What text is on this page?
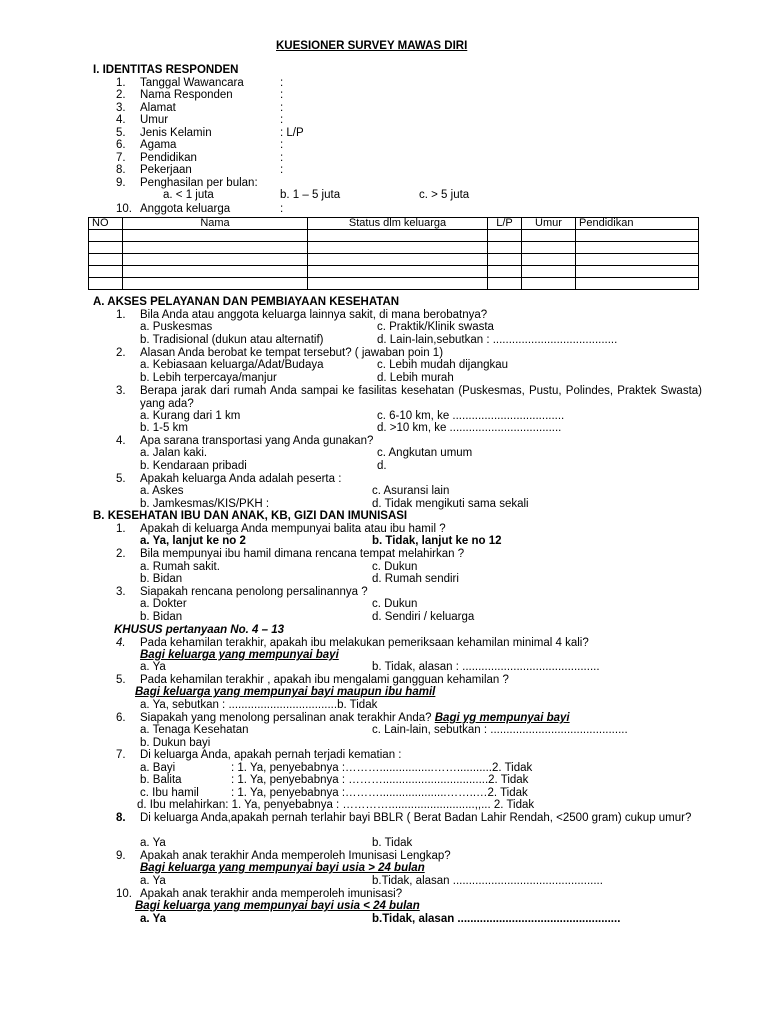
KUESIONER SURVEY MAWAS DIRI
I. IDENTITAS RESPONDEN
1. Tanggal Wawancara	:
2. Nama Responden	:
3. Alamat	:
4. Umur	:
5. Jenis Kelamin	: L/P
6. Agama	:
7. Pendidikan	:
8. Pekerjaan	:
9. Penghasilan per bulan:
a. < 1 juta	b. 1 – 5 juta	c. > 5 juta
10. Anggota keluarga	:
NO	Nama	Status dlm keluarga	L/P	Umur	Pendidikan

A. AKSES PELAYANAN DAN PEMBIAYAAN KESEHATAN
1. Bila Anda atau anggota keluarga lainnya sakit, di mana berobatnya?
a. Puskesmas	c. Praktik/Klinik swasta
b. Tradisional (dukun atau alternatif)	d. Lain-lain,sebutkan : .......................................
2. Alasan Anda berobat ke tempat tersebut? ( jawaban poin 1)
a. Kebiasaan keluarga/Adat/Budaya	c. Lebih mudah dijangkau
b. Lebih terpercaya/manjur	d. Lebih murah
3. Berapa jarak dari rumah Anda sampai ke fasilitas kesehatan (Puskesmas, Pustu, Polindes, Praktek Swasta) yang ada?
a. Kurang dari 1 km	c. 6-10 km, ke ...................................
b. 1-5 km	d. >10 km, ke ...................................
4. Apa sarana transportasi yang Anda gunakan?
a. Jalan kaki.	c. Angkutan umum
b. Kendaraan pribadi	d.
5. Apakah keluarga Anda adalah peserta :
a. Askes	c. Asuransi lain
b. Jamkesmas/KIS/PKH :	d. Tidak mengikuti sama sekali
B. KESEHATAN IBU DAN ANAK, KB, GIZI DAN IMUNISASI
1. Apakah di keluarga Anda mempunyai balita atau ibu hamil ?
a. Ya, lanjut ke no 2	b. Tidak, lanjut ke no 12
2. Bila mempunyai ibu hamil dimana rencana tempat melahirkan ?
a. Rumah sakit.	c. Dukun
b. Bidan	d. Rumah sendiri
3. Siapakah rencana penolong persalinannya ?
a. Dokter	c. Dukun
b. Bidan	d. Sendiri / keluarga
KHUSUS pertanyaan No. 4 – 13
4. Pada kehamilan terakhir, apakah ibu melakukan pemeriksaan kehamilan minimal 4 kali?
Bagi keluarga yang mempunyai bayi
a. Ya	b. Tidak, alasan : ...........................................
5. Pada kehamilan terakhir , apakah ibu mengalami gangguan kehamilan ?
Bagi keluarga yang mempunyai bayi maupun ibu hamil
a. Ya, sebutkan : ..................................b. Tidak
6. Siapakah yang menolong persalinan anak terakhir Anda? Bagi yg mempunyai bayi
a. Tenaga Kesehatan	c. Lain-lain, sebutkan : ...........................................
b. Dukun bayi
7. Di keluarga Anda, apakah pernah terjadi kematian :
a. Bayi	: 1. Ya, penyebabnya :……….................……...........2. Tidak
b. Balita	: 1. Ya, penyebabnya : ……….................................2. Tidak
c. Ibu hamil	: 1. Ya, penyebabnya :……….....................……..…2. Tidak
d. Ibu melahirkan: 1. Ya, penyebabnya : …………...........................,,... 2. Tidak
8. Di keluarga Anda,apakah pernah terlahir bayi BBLR ( Berat Badan Lahir Rendah, <2500 gram) cukup umur?
a. Ya	b. Tidak
9. Apakah anak terakhir Anda memperoleh Imunisasi Lengkap?
Bagi keluarga yang mempunyai bayi usia > 24 bulan
a. Ya	b.Tidak, alasan ...............................................
10. Apakah anak terakhir anda memperoleh imunisasi?
Bagi keluarga yang mempunyai bayi usia < 24 bulan
a. Ya	b.Tidak, alasan ...................................................
